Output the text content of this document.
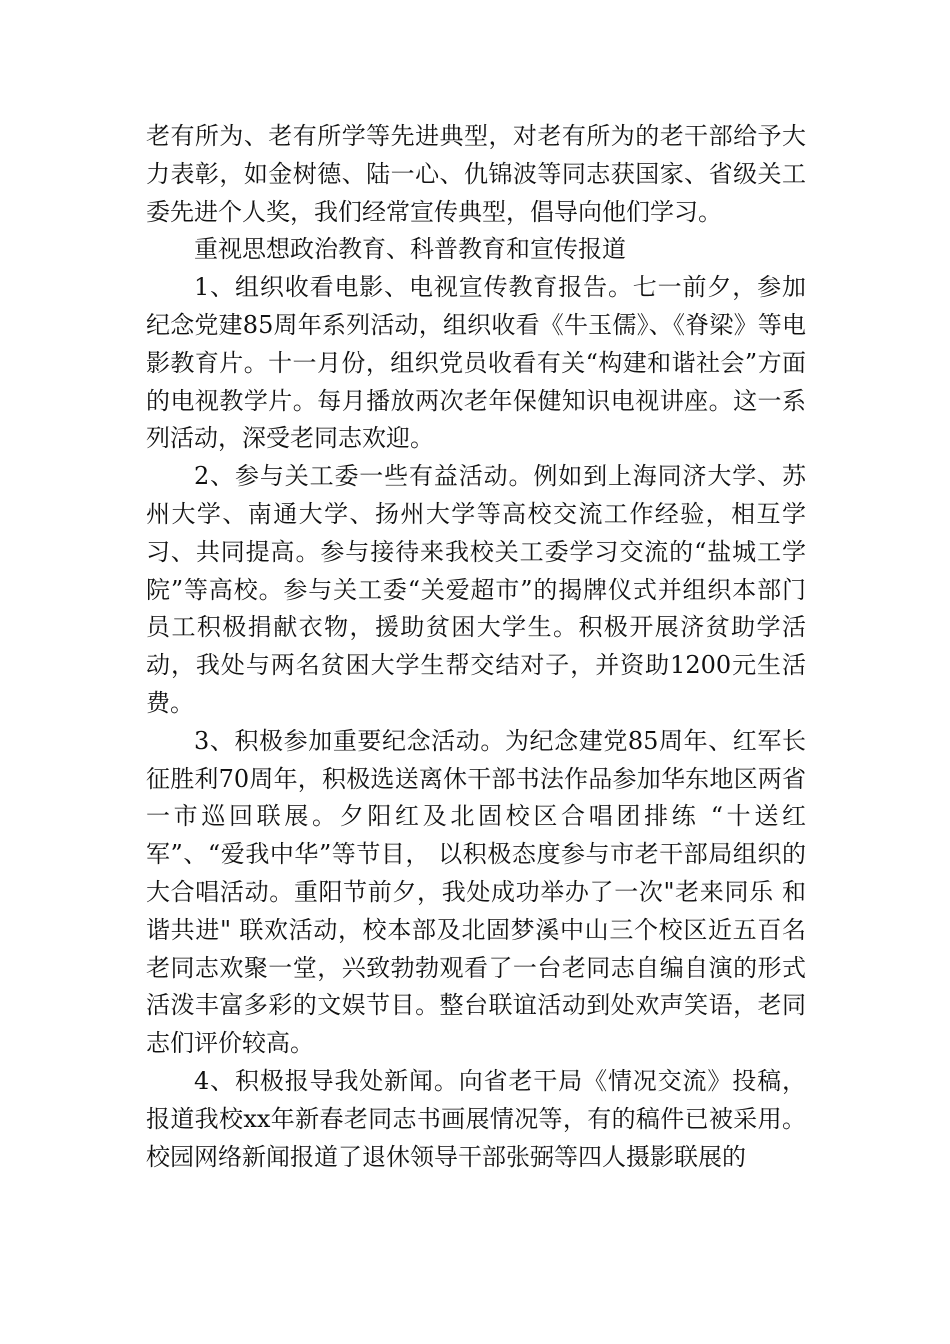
老有所为、老有所学等先进典型，对老有所为的老干部给予大力表彰，如金树德、陆一心、仇锦波等同志获国家、省级关工委先进个人奖，我们经常宣传典型，倡导向他们学习。

重视思想政治教育、科普教育和宣传报道

1、组织收看电影、电视宣传教育报告。七一前夕，参加纪念党建85周年系列活动，组织收看《牛玉儒》、《脊梁》等电影教育片。十一月份，组织党员收看有关“构建和谐社会”方面的电视教学片。每月播放两次老年保健知识电视讲座。这一系列活动，深受老同志欢迎。

2、参与关工委一些有益活动。例如到上海同济大学、苏州大学、南通大学、扬州大学等高校交流工作经验，相互学习、共同提高。参与接待来我校关工委学习交流的“盐城工学院”等高校。参与关工委“关爱超市”的揭牌仪式并组织本部门员工积极捐献衣物，援助贫困大学生。积极开展济贫助学活动，我处与两名贫困大学生帮交结对子，并资助1200元生活费。

3、积极参加重要纪念活动。为纪念建党85周年、红军长征胜利70周年，积极选送离休干部书法作品参加华东地区两省一市巡回联展。夕阳红及北固校区合唱团排练 “十送红军”、“爱我中华”等节目， 以积极态度参与市老干部局组织的大合唱活动。重阳节前夕，我处成功举办了一次"老来同乐 和谐共进" 联欢活动，校本部及北固梦溪中山三个校区近五百名老同志欢聚一堂，兴致勃勃观看了一台老同志自编自演的形式活泼丰富多彩的文娱节目。整台联谊活动到处欢声笑语，老同志们评价较高。

4、积极报导我处新闻。向省老干局《情况交流》投稿，报道我校xx年新春老同志书画展情况等，有的稿件已被采用。校园网络新闻报道了退休领导干部张弼等四人摄影联展的
